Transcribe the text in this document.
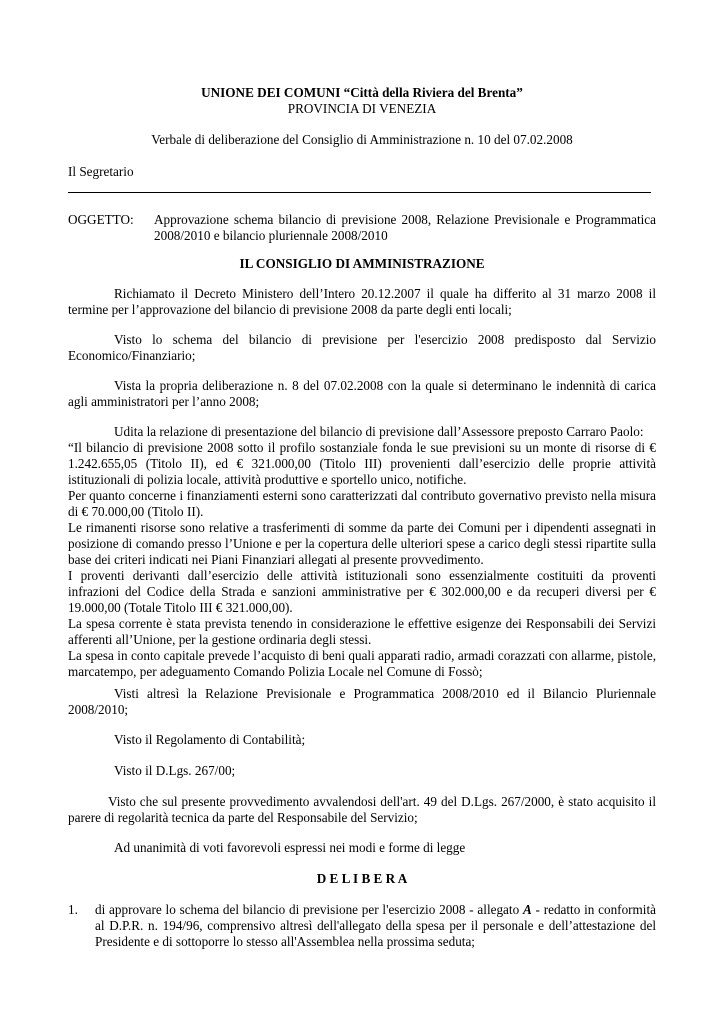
UNIONE DEI COMUNI “Città della Riviera del Brenta”
PROVINCIA DI VENEZIA
Verbale di deliberazione del Consiglio di Amministrazione n. 10 del 07.02.2008
Il Segretario
OGGETTO: Approvazione schema bilancio di previsione 2008, Relazione Previsionale e Programmatica 2008/2010 e bilancio pluriennale 2008/2010
IL CONSIGLIO DI AMMINISTRAZIONE

Richiamato il Decreto Ministero dell’Intero 20.12.2007 il quale ha differito al 31 marzo 2008 il termine per l’approvazione del bilancio di previsione 2008 da parte degli enti locali;

Visto lo schema del bilancio di previsione per l'esercizio 2008 predisposto dal Servizio Economico/Finanziario;

Vista la propria deliberazione n. 8 del 07.02.2008 con la quale si determinano le indennità di carica agli amministratori per l’anno 2008;

Udita la relazione di presentazione del bilancio di previsione dall’Assessore preposto Carraro Paolo:

“Il bilancio di previsione 2008 sotto il profilo sostanziale fonda le sue previsioni su un monte di risorse di € 1.242.655,05 (Titolo II), ed € 321.000,00 (Titolo III) provenienti dall’esercizio delle proprie attività istituzionali di polizia locale, attività produttive e sportello unico, notifiche.

Per quanto concerne i finanziamenti esterni sono caratterizzati dal contributo governativo previsto nella misura di € 70.000,00 (Titolo II).

Le rimanenti risorse sono relative a trasferimenti di somme da parte dei Comuni per i dipendenti assegnati in posizione di comando presso l’Unione e per la copertura delle ulteriori spese a carico degli stessi ripartite sulla base dei criteri indicati nei Piani Finanziari allegati al presente provvedimento.

I proventi derivanti dall’esercizio delle attività istituzionali sono essenzialmente costituiti da proventi infrazioni del Codice della Strada e sanzioni amministrative per € 302.000,00 e da recuperi diversi per € 19.000,00 (Totale Titolo III € 321.000,00).

La spesa corrente è stata prevista tenendo in considerazione le effettive esigenze dei Responsabili dei Servizi afferenti all’Unione, per la gestione ordinaria degli stessi.

La spesa in conto capitale prevede l’acquisto di beni quali apparati radio, armadi corazzati con allarme, pistole, marcatempo, per adeguamento Comando Polizia Locale nel Comune di Fossò;

Visti altresì la Relazione Previsionale e Programmatica 2008/2010 ed il Bilancio Pluriennale 2008/2010;

Visto il Regolamento di Contabilità;

Visto il D.Lgs. 267/00;

Visto che sul presente provvedimento avvalendosi dell'art. 49 del D.Lgs. 267/2000, è stato acquisito il parere di regolarità tecnica da parte del Responsabile del Servizio;

Ad unanimità di voti favorevoli espressi nei modi e forme di legge

D E L I B E R A
1. di approvare lo schema del bilancio di previsione per l'esercizio 2008 - allegato A - redatto in conformità al D.P.R. n. 194/96, comprensivo altresì dell'allegato della spesa per il personale e dell’attestazione del Presidente e di sottoporre lo stesso all'Assemblea nella prossima seduta;
